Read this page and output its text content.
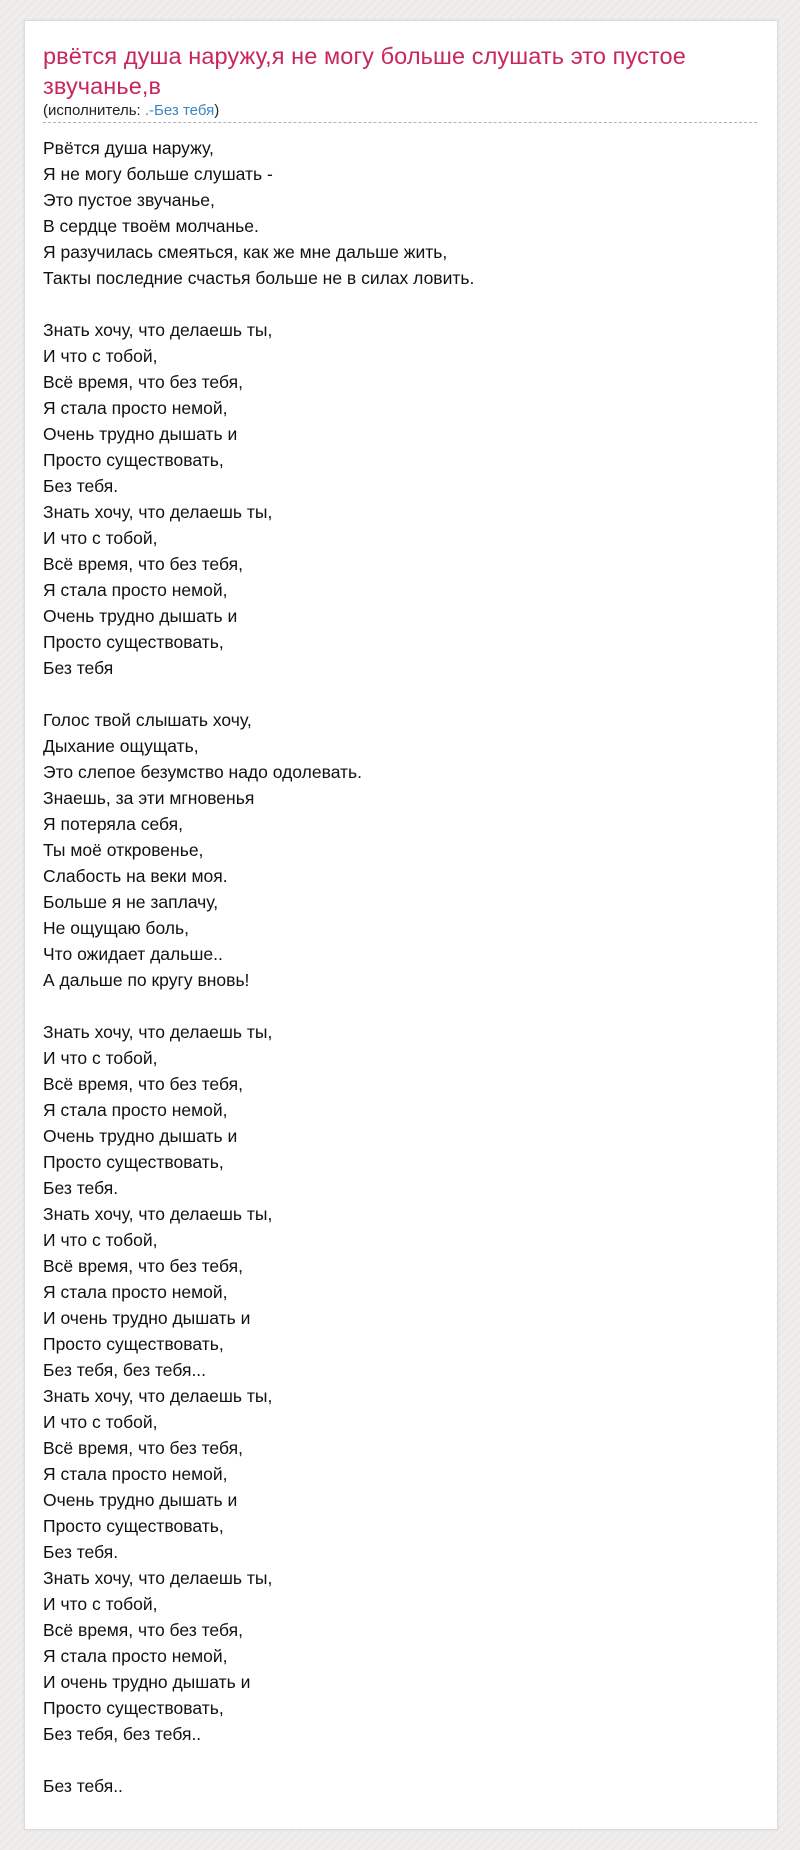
рвётся душа наружу,я не могу больше слушать это пустое звучанье,в
(исполнитель: .-Без тебя)
Рвётся душа наружу,
Я не могу больше слушать -
Это пустое звучанье,
В сердце твоём молчанье.
Я разучилась смеяться, как же мне дальше жить,
Такты последние счастья больше не в силах ловить.
Знать хочу, что делаешь ты,
И что с тобой,
Всё время, что без тебя,
Я стала просто немой,
Очень трудно дышать и
Просто существовать,
Без тебя.
Знать хочу, что делаешь ты,
И что с тобой,
Всё время, что без тебя,
Я стала просто немой,
Очень трудно дышать и
Просто существовать,
Без тебя
Голос твой слышать хочу,
Дыхание ощущать,
Это слепое безумство надо одолевать.
Знаешь, за эти мгновенья
Я потеряла себя,
Ты моё откровенье,
Слабость на веки моя.
Больше я не заплачу,
Не ощущаю боль,
Что ожидает дальше..
А дальше по кругу вновь!
Знать хочу, что делаешь ты,
И что с тобой,
Всё время, что без тебя,
Я стала просто немой,
Очень трудно дышать и
Просто существовать,
Без тебя.
Знать хочу, что делаешь ты,
И что с тобой,
Всё время, что без тебя,
Я стала просто немой,
И очень трудно дышать и
Просто существовать,
Без тебя, без тебя...
Знать хочу, что делаешь ты,
И что с тобой,
Всё время, что без тебя,
Я стала просто немой,
Очень трудно дышать и
Просто существовать,
Без тебя.
Знать хочу, что делаешь ты,
И что с тобой,
Всё время, что без тебя,
Я стала просто немой,
И очень трудно дышать и
Просто существовать,
Без тебя, без тебя..
Без тебя..
